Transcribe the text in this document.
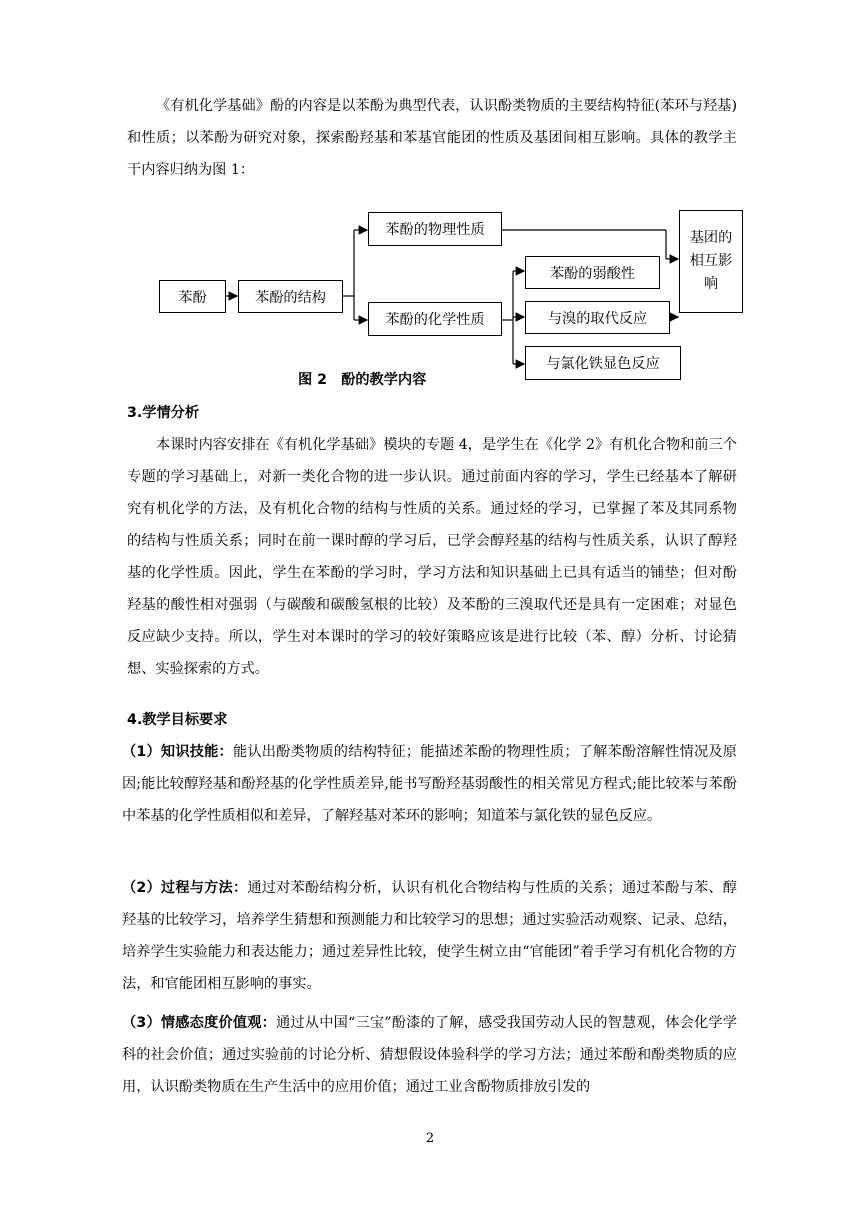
《有机化学基础》酚的内容是以苯酚为典型代表，认识酚类物质的主要结构特征(苯环与羟基)和性质；以苯酚为研究对象，探索酚羟基和苯基官能团的性质及基团间相互影响。具体的教学主干内容归纳为图 1：

苯酚	苯酚的结构
苯酚的物理性质
苯酚的化学性质
苯酚的弱酸性
与溴的取代反应
与氯化铁显色反应
基团的相互影响
图 2　酚的教学内容

3.学情分析

本课时内容安排在《有机化学基础》模块的专题 4，是学生在《化学 2》有机化合物和前三个专题的学习基础上，对新一类化合物的进一步认识。通过前面内容的学习，学生已经基本了解研究有机化学的方法，及有机化合物的结构与性质的关系。通过烃的学习，已掌握了苯及其同系物的结构与性质关系；同时在前一课时醇的学习后，已学会醇羟基的结构与性质关系，认识了醇羟基的化学性质。因此，学生在苯酚的学习时，学习方法和知识基础上已具有适当的铺垫；但对酚羟基的酸性相对强弱（与碳酸和碳酸氢根的比较）及苯酚的三溴取代还是具有一定困难；对显色反应缺少支持。所以，学生对本课时的学习的较好策略应该是进行比较（苯、醇）分析、讨论猜想、实验探索的方式。

4.教学目标要求

（1）知识技能：能认出酚类物质的结构特征；能描述苯酚的物理性质；了解苯酚溶解性情况及原因;能比较醇羟基和酚羟基的化学性质差异,能书写酚羟基弱酸性的相关常见方程式;能比较苯与苯酚中苯基的化学性质相似和差异，了解羟基对苯环的影响；知道苯与氯化铁的显色反应。

（2）过程与方法：通过对苯酚结构分析，认识有机化合物结构与性质的关系；通过苯酚与苯、醇羟基的比较学习，培养学生猜想和预测能力和比较学习的思想；通过实验活动观察、记录、总结，培养学生实验能力和表达能力；通过差异性比较，使学生树立由“官能团”着手学习有机化合物的方法，和官能团相互影响的事实。

（3）情感态度价值观：通过从中国“三宝”酚漆的了解，感受我国劳动人民的智慧观，体会化学学科的社会价值；通过实验前的讨论分析、猜想假设体验科学的学习方法；通过苯酚和酚类物质的应用，认识酚类物质在生产生活中的应用价值；通过工业含酚物质排放引发的

2
